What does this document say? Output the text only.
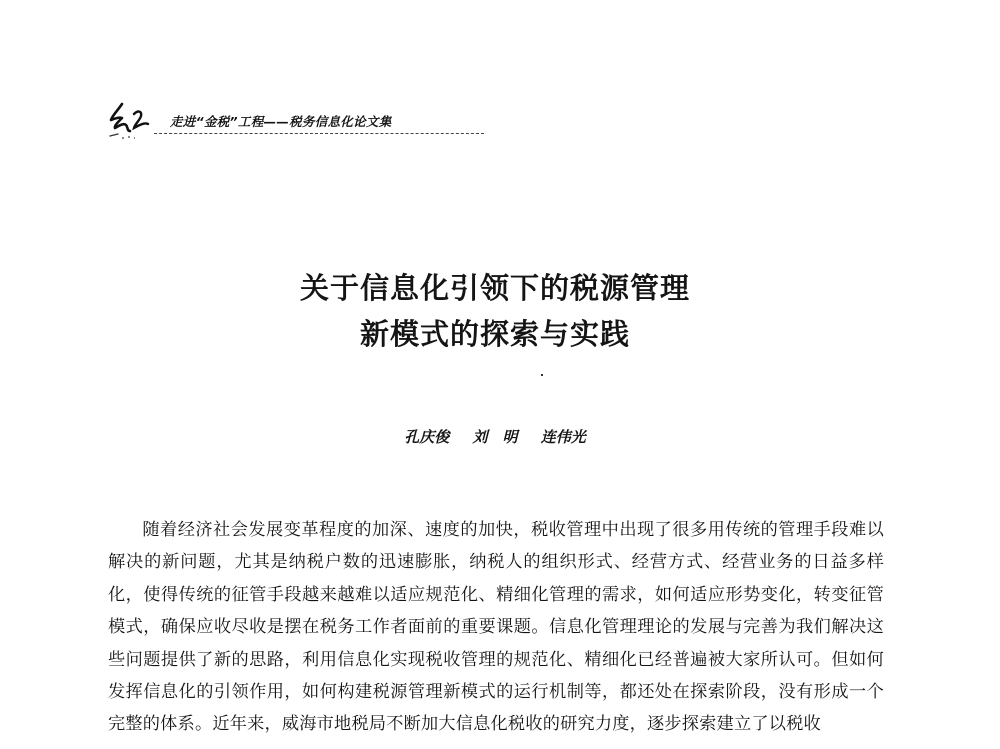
走进“金税”工程——税务信息化论文集
关于信息化引领下的税源管理
新模式的探索与实践
孔庆俊 刘　明 连伟光

随着经济社会发展变革程度的加深、速度的加快，税收管理中出现了很多用传统的管理手段难以解决的新问题，尤其是纳税户数的迅速膨胀，纳税人的组织形式、经营方式、经营业务的日益多样化，使得传统的征管手段越来越难以适应规范化、精细化管理的需求，如何适应形势变化，转变征管模式，确保应收尽收是摆在税务工作者面前的重要课题。信息化管理理论的发展与完善为我们解决这些问题提供了新的思路，利用信息化实现税收管理的规范化、精细化已经普遍被大家所认可。但如何发挥信息化的引领作用，如何构建税源管理新模式的运行机制等，都还处在探索阶段，没有形成一个完整的体系。近年来，威海市地税局不断加大信息化税收的研究力度，逐步探索建立了以税收
